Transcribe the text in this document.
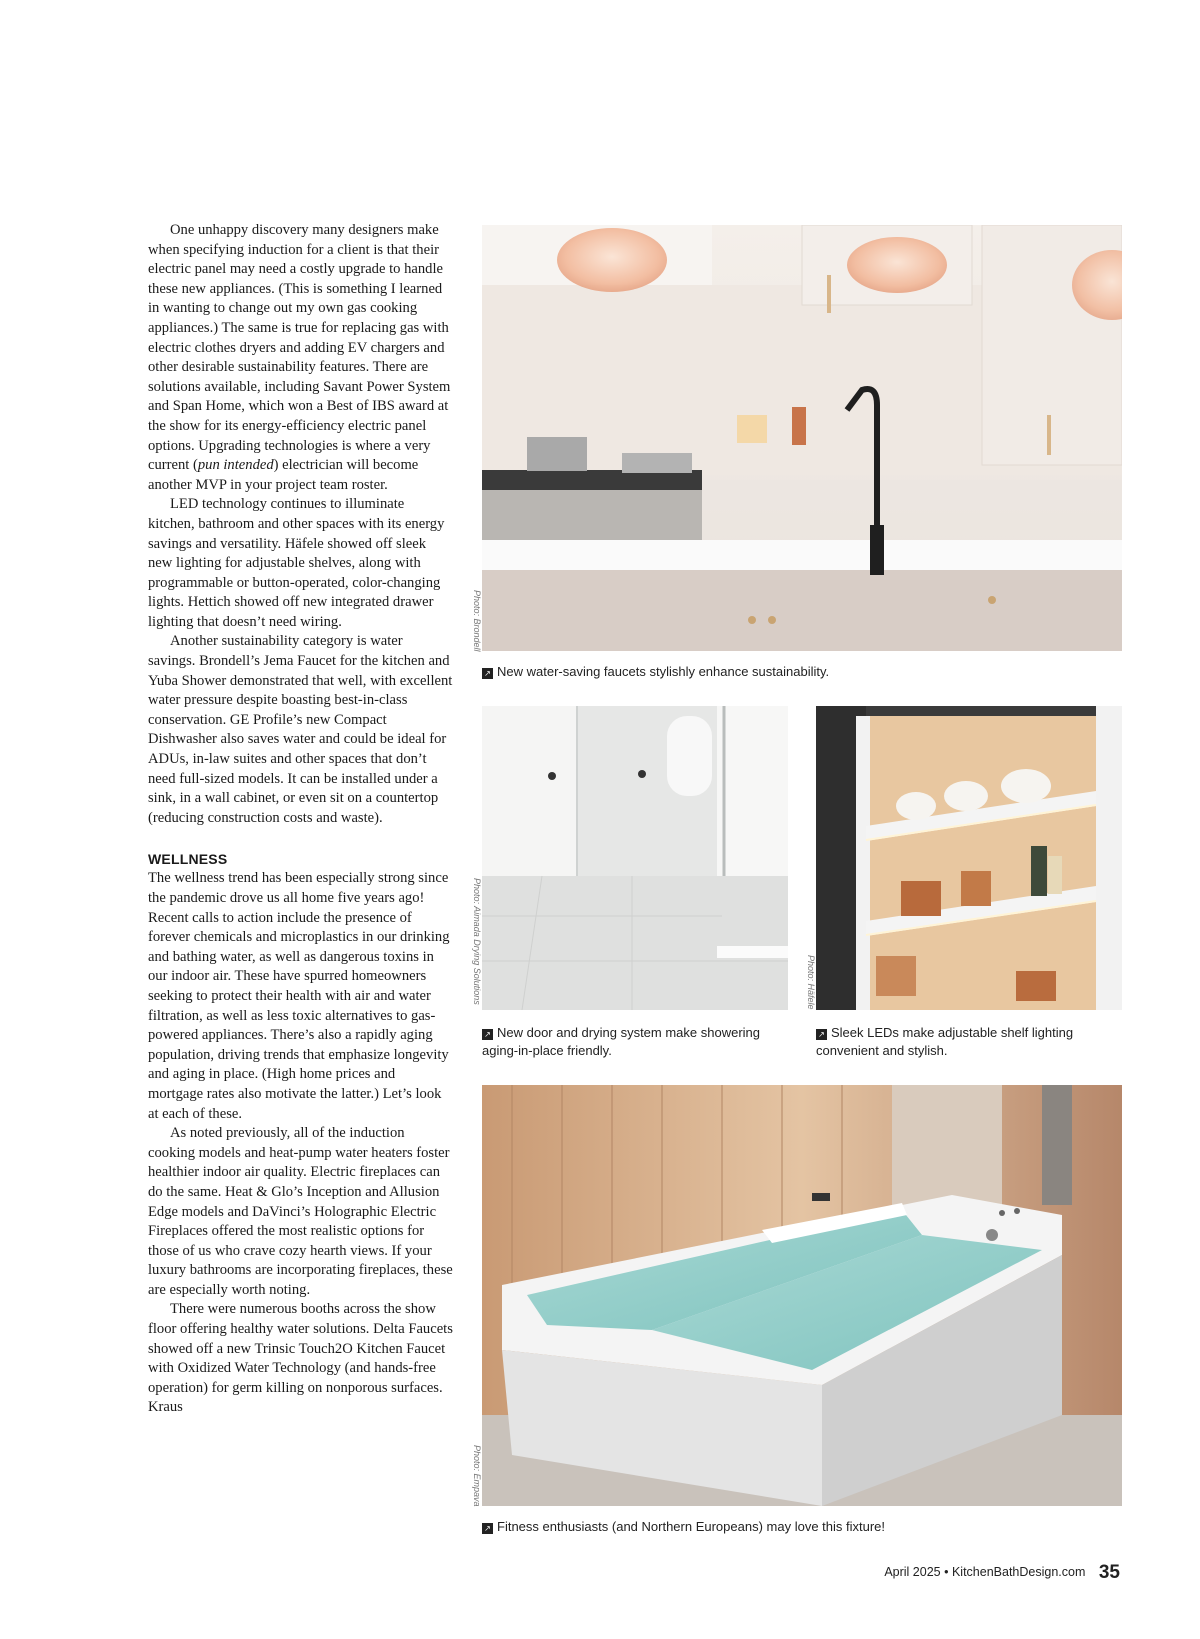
One unhappy discovery many designers make when specifying induction for a client is that their electric panel may need a costly upgrade to handle these new appliances. (This is something I learned in wanting to change out my own gas cooking appliances.) The same is true for replacing gas with electric clothes dryers and adding EV chargers and other desirable sustainability features. There are solutions available, including Savant Power System and Span Home, which won a Best of IBS award at the show for its energy-efficiency electric panel options. Upgrading technologies is where a very current (pun intended) electrician will become another MVP in your project team roster.

LED technology continues to illuminate kitchen, bathroom and other spaces with its energy savings and versatility. Häfele showed off sleek new lighting for adjustable shelves, along with programmable or button-operated, color-changing lights. Hettich showed off new integrated drawer lighting that doesn’t need wiring.

Another sustainability category is water savings. Brondell’s Jema Faucet for the kitchen and Yuba Shower demonstrated that well, with excellent water pressure despite boasting best-in-class conservation. GE Profile’s new Compact Dishwasher also saves water and could be ideal for ADUs, in-law suites and other spaces that don’t need full-sized models. It can be installed under a sink, in a wall cabinet, or even sit on a countertop (reducing construction costs and waste).

WELLNESS

The wellness trend has been especially strong since the pandemic drove us all home five years ago! Recent calls to action include the presence of forever chemicals and microplastics in our drinking and bathing water, as well as dangerous toxins in our indoor air. These have spurred homeowners seeking to protect their health with air and water filtration, as well as less toxic alternatives to gas-powered appliances. There’s also a rapidly aging population, driving trends that emphasize longevity and aging in place. (High home prices and mortgage rates also motivate the latter.) Let’s look at each of these.

As noted previously, all of the induction cooking models and heat-pump water heaters foster healthier indoor air quality. Electric fireplaces can do the same. Heat & Glo’s Inception and Allusion Edge models and DaVinci’s Holographic Electric Fireplaces offered the most realistic options for those of us who crave cozy hearth views. If your luxury bathrooms are incorporating fireplaces, these are especially worth noting.

There were numerous booths across the show floor offering healthy water solutions. Delta Faucets showed off a new Trinsic Touch2O Kitchen Faucet with Oxidized Water Technology (and hands-free operation) for germ killing on nonporous surfaces. Kraus

Photo: Brondell
↗ New water-saving faucets stylishly enhance sustainability.
Photo: Aimada Drying Solutions
↗ New door and drying system make showering aging-in-place friendly.
Photo: Häfele
↗ Sleek LEDs make adjustable shelf lighting convenient and stylish.
Photo: Empava
↗ Fitness enthusiasts (and Northern Europeans) may love this fixture!
April 2025 • KitchenBathDesign.com 35
